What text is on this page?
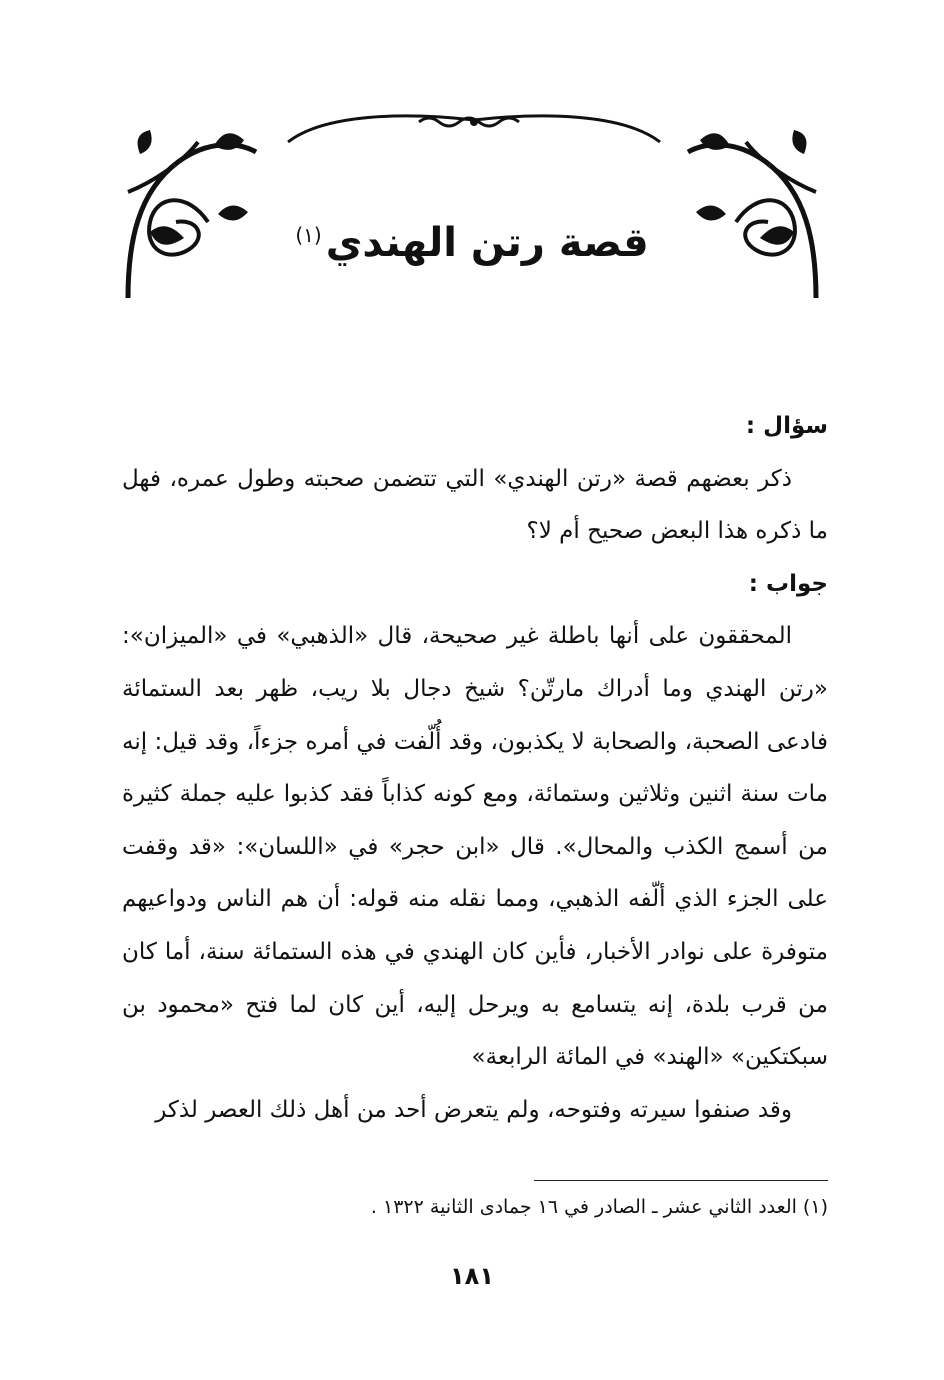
قصة رتن الهندي$^{(١)}$

سؤال :

ذكر بعضهم قصة «رتن الهندي» التي تتضمن صحبته وطول عمره، فهل ما ذكره هذا البعض صحيح أم لا؟

جواب :

المحققون على أنها باطلة غير صحيحة، قال «الذهبي» في «الميزان»: «رتن الهندي وما أدراك مارتّن؟ شيخ دجال بلا ريب، ظهر بعد الستمائة فادعى الصحبة، والصحابة لا يكذبون، وقد أُلّفت في أمره جزءاً، وقد قيل: إنه مات سنة اثنين وثلاثين وستمائة، ومع كونه كذاباً فقد كذبوا عليه جملة كثيرة من أسمج الكذب والمحال». قال «ابن حجر» في «اللسان»: «قد وقفت على الجزء الذي ألّفه الذهبي، ومما نقله منه قوله: أن هم الناس ودواعيهم متوفرة على نوادر الأخبار، فأين كان الهندي في هذه الستمائة سنة، أما كان من قرب بلدة، إنه يتسامع به ويرحل إليه، أين كان لما فتح «محمود بن سبكتكين» «الهند» في المائة الرابعة»

وقد صنفوا سيرته وفتوحه، ولم يتعرض أحد من أهل ذلك العصر لذكر

(١) العدد الثاني عشر ـ الصادر في ١٦ جمادى الثانية ١٣٢٢ .
١٨١
